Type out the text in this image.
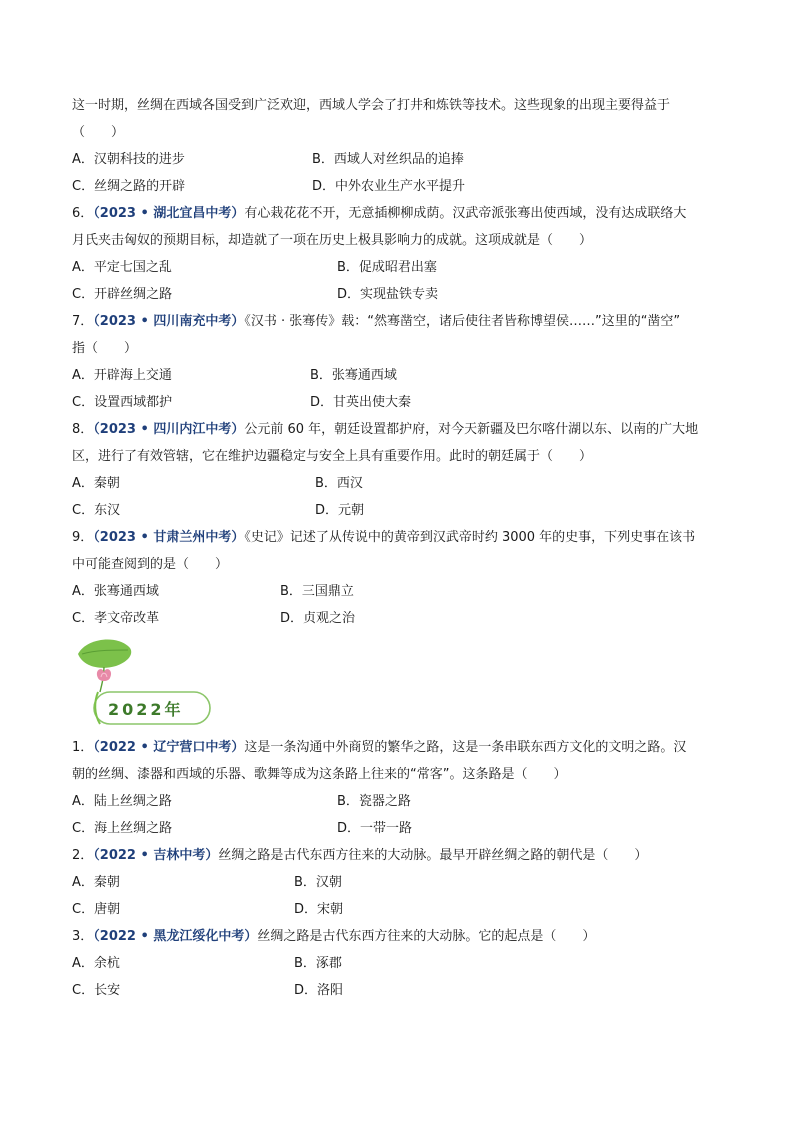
这一时期，丝绸在西域各国受到广泛欢迎，西域人学会了打井和炼铁等技术。这些现象的出现主要得益于
（　　）
A．汉朝科技的进步	B．西域人对丝织品的追捧
C．丝绸之路的开辟	D．中外农业生产水平提升
6．（2023 • 湖北宜昌中考）有心栽花花不开，无意插柳柳成荫。汉武帝派张骞出使西域，没有达成联络大
月氏夹击匈奴的预期目标，却造就了一项在历史上极具影响力的成就。这项成就是（　　）
A．平定七国之乱	B．促成昭君出塞
C．开辟丝绸之路	D．实现盐铁专卖
7．（2023 • 四川南充中考）《汉书 · 张骞传》载：“然骞凿空，诸后使往者皆称博望侯……”这里的“凿空”
指（　　）
A．开辟海上交通	B．张骞通西域
C．设置西域都护	D．甘英出使大秦
8．（2023 • 四川内江中考）公元前 60 年，朝廷设置都护府，对今天新疆及巴尔喀什湖以东、以南的广大地
区，进行了有效管辖，它在维护边疆稳定与安全上具有重要作用。此时的朝廷属于（　　）
A．秦朝	B．西汉
C．东汉	D．元朝
9．（2023 • 甘肃兰州中考）《史记》记述了从传说中的黄帝到汉武帝时约 3000 年的史事，下列史事在该书
中可能查阅到的是（　　）
A．张骞通西域	B．三国鼎立
C．孝文帝改革	D．贞观之治
2022年
1．（2022 • 辽宁营口中考）这是一条沟通中外商贸的繁华之路，这是一条串联东西方文化的文明之路。汉
朝的丝绸、漆器和西域的乐器、歌舞等成为这条路上往来的“常客”。这条路是（　　）
A．陆上丝绸之路	B．瓷器之路
C．海上丝绸之路	D．一带一路
2．（2022 • 吉林中考）丝绸之路是古代东西方往来的大动脉。最早开辟丝绸之路的朝代是（　　）
A．秦朝	B．汉朝
C．唐朝	D．宋朝
3．（2022 • 黑龙江绥化中考）丝绸之路是古代东西方往来的大动脉。它的起点是（　　）
A．余杭	B．涿郡
C．长安	D．洛阳
